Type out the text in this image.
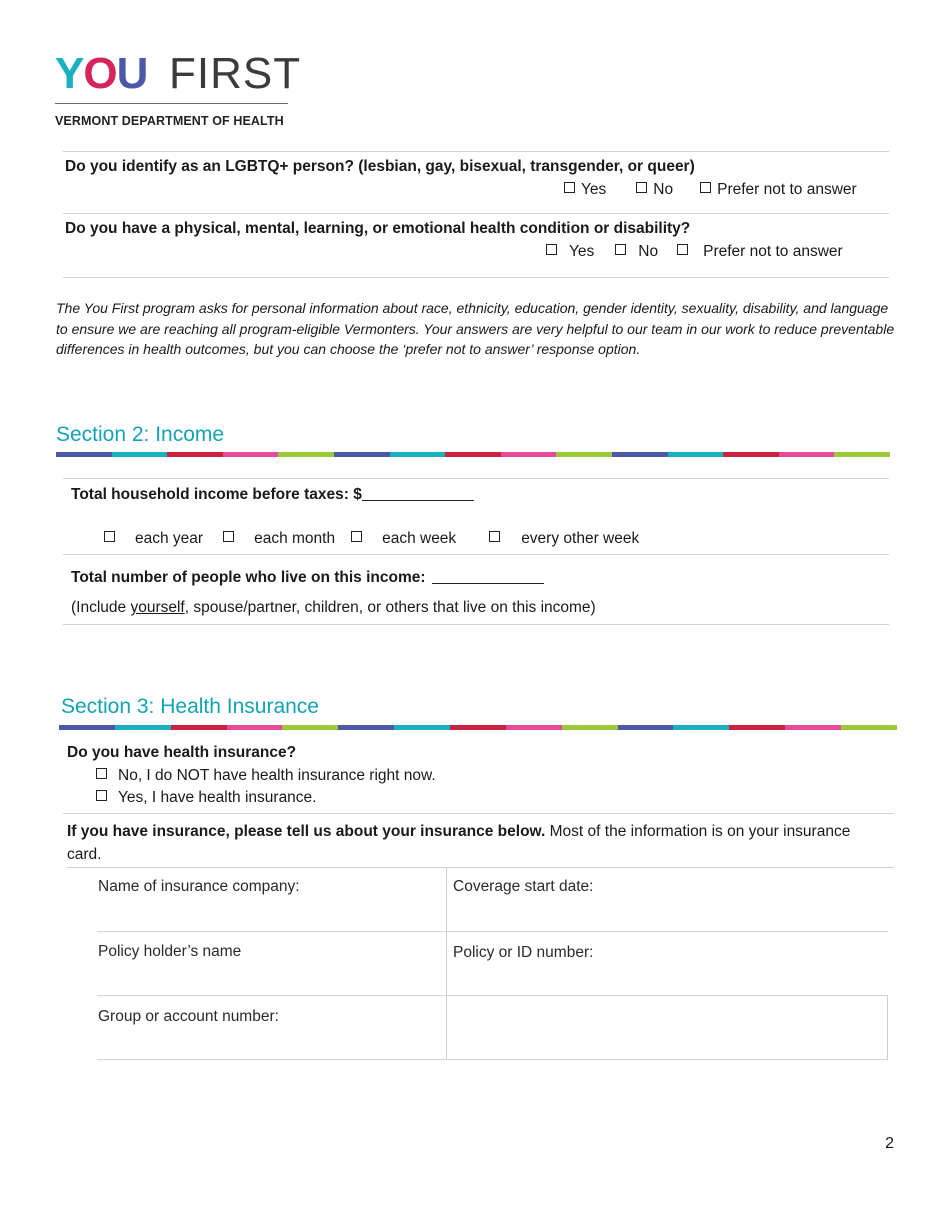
YOU FIRST
VERMONT DEPARTMENT OF HEALTH
Do you identify as an LGBTQ+ person? (lesbian, gay, bisexual, transgender, or queer)
Yes	No	Prefer not to answer
Do you have a physical, mental, learning, or emotional health condition or disability?
Yes	No	Prefer not to answer
The You First program asks for personal information about race, ethnicity, education, gender identity, sexuality, disability, and language to ensure we are reaching all program-eligible Vermonters. Your answers are very helpful to our team in our work to reduce preventable differences in health outcomes, but you can choose the ‘prefer not to answer’ response option.
Section 2: Income
Total household income before taxes: $
each year	each month	each week	every other week
Total number of people who live on this income:
(Include yourself, spouse/partner, children, or others that live on this income)
Section 3: Health Insurance
Do you have health insurance?
No, I do NOT have health insurance right now.
Yes, I have health insurance.
If you have insurance, please tell us about your insurance below. Most of the information is on your insurance card.
Name of insurance company:	Coverage start date:
Policy holder’s name	Policy or ID number:
Group or account number:
2
